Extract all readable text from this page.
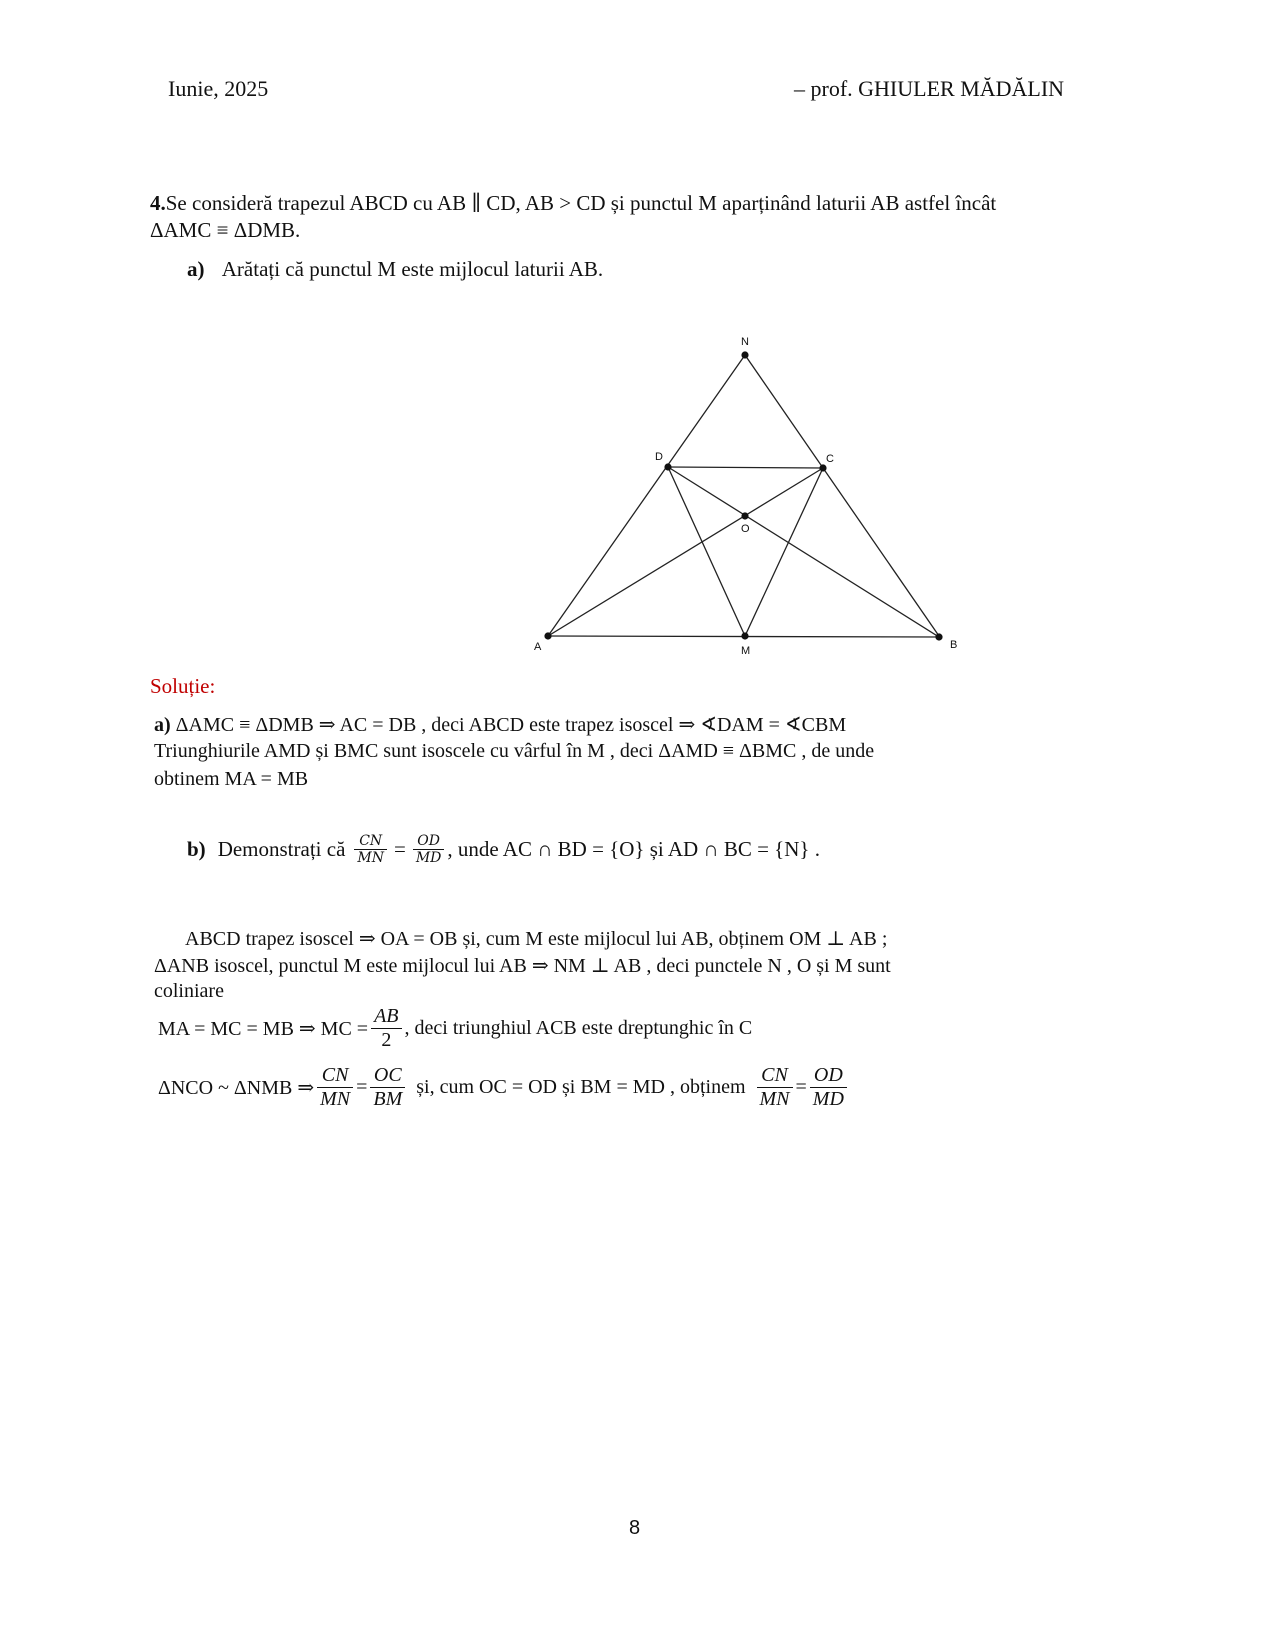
Iunie, 2025	– prof. GHIULER MĂDĂLIN
4.Se consideră trapezul ABCD cu AB ∥ CD, AB > CD și punctul M aparținând laturii AB astfel încât
ΔAMC ≡ ΔDMB.
a) Arătați că punctul M este mijlocul laturii AB.
N
D	C
O
A	M	B
Soluție:
a) ΔAMC ≡ ΔDMB ⇒ AC = DB , deci ABCD este trapez isoscel ⇒ ∢DAM = ∢CBM
Triunghiurile AMD și BMC sunt isoscele cu vârful în M , deci ΔAMD ≡ ΔBMC , de unde
obtinem MA = MB
b) Demonstrați că $\frac{CN}{MN} = \frac{OD}{MD}$ , unde AC ∩ BD = {O} și AD ∩ BC = {N} .
ABCD trapez isoscel ⇒ OA = OB și, cum M este mijlocul lui AB, obținem OM ⊥ AB ;
ΔANB isoscel, punctul M este mijlocul lui AB ⇒ NM ⊥ AB , deci punctele N , O și M sunt
coliniare
MA = MC = MB ⇒ MC = $\frac{AB}{2}$ , deci triunghiul ACB este dreptunghic în C
ΔNCO ~ ΔNMB ⇒ $\frac{CN}{MN} = \frac{OC}{BM}$ și, cum OC = OD și BM = MD , obținem $\frac{CN}{MN} = \frac{OD}{MD}$
8
